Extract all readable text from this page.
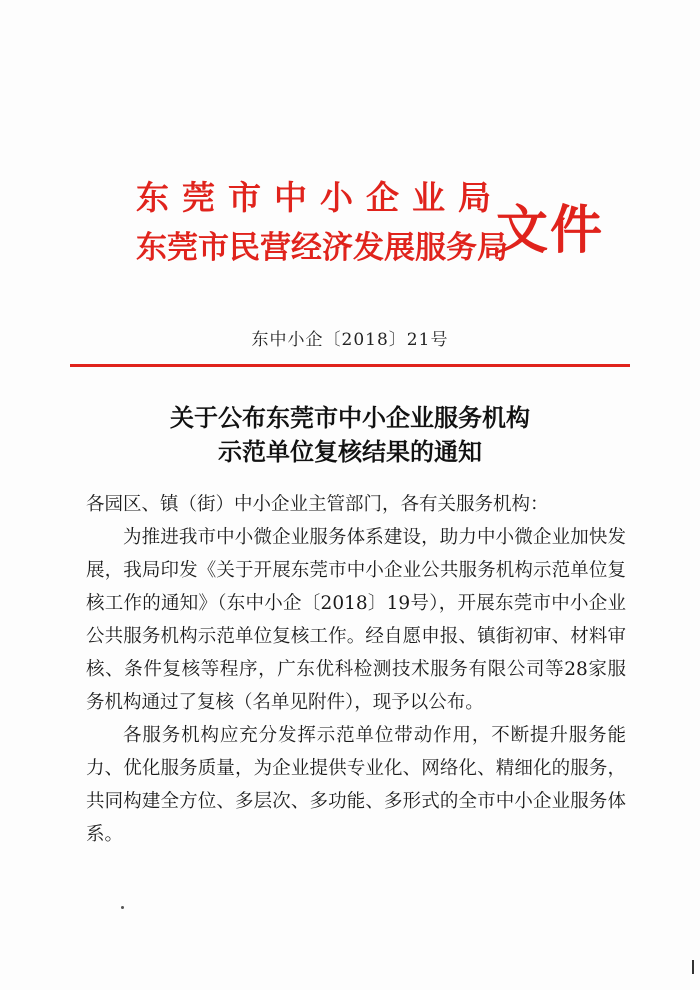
东莞市中小企业局
东莞市民营经济发展服务局
文件
东中小企〔2018〕21号
关于公布东莞市中小企业服务机构
示范单位复核结果的通知

各园区、镇（街）中小企业主管部门，各有关服务机构：

为推进我市中小微企业服务体系建设，助力中小微企业加快发展，我局印发《关于开展东莞市中小企业公共服务机构示范单位复核工作的通知》（东中小企〔2018〕19号），开展东莞市中小企业公共服务机构示范单位复核工作。经自愿申报、镇街初审、材料审核、条件复核等程序，广东优科检测技术服务有限公司等28家服务机构通过了复核（名单见附件），现予以公布。

各服务机构应充分发挥示范单位带动作用，不断提升服务能力、优化服务质量，为企业提供专业化、网络化、精细化的服务，共同构建全方位、多层次、多功能、多形式的全市中小企业服务体系。
